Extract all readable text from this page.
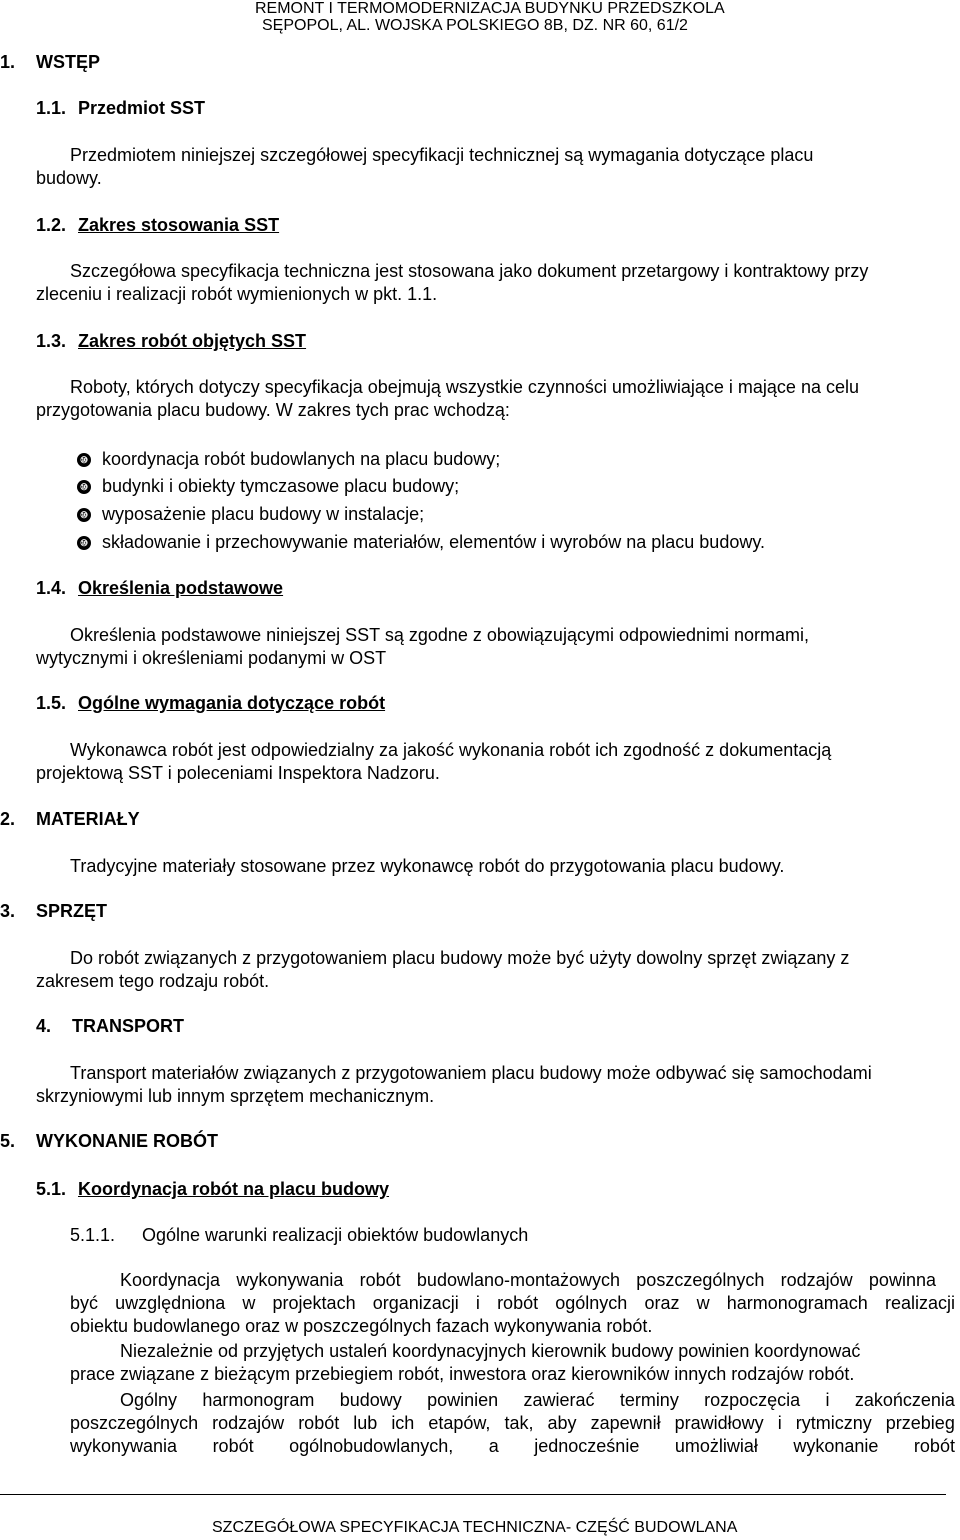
REMONT I TERMOMODERNIZACJA BUDYNKU PRZEDSZKOLA
SĘPOPOL, AL. WOJSKA POLSKIEGO 8B, DZ. NR 60, 61/2
1. WSTĘP
1.1. Przedmiot SST
Przedmiotem niniejszej szczegółowej specyfikacji technicznej są wymagania dotyczące placu
budowy.
1.2. Zakres stosowania SST
Szczegółowa specyfikacja techniczna jest stosowana jako dokument przetargowy i kontraktowy przy
zleceniu i realizacji robót wymienionych w pkt. 1.1.
1.3. Zakres robót objętych SST
Roboty, których dotyczy specyfikacja obejmują wszystkie czynności umożliwiające i mające na celu
przygotowania placu budowy. W zakres tych prac wchodzą:
⑩ koordynacja robót budowlanych na placu budowy;
⑩ budynki i obiekty tymczasowe placu budowy;
⑩ wyposażenie placu budowy w instalacje;
⑩ składowanie i przechowywanie materiałów, elementów i wyrobów na placu budowy.
1.4. Określenia podstawowe
Określenia podstawowe niniejszej SST są zgodne z obowiązującymi odpowiednimi normami,
wytycznymi i określeniami podanymi w OST
1.5. Ogólne wymagania dotyczące robót
Wykonawca robót jest odpowiedzialny za jakość wykonania robót ich zgodność z dokumentacją
projektową SST i poleceniami Inspektora Nadzoru.
2. MATERIAŁY
Tradycyjne materiały stosowane przez wykonawcę robót do przygotowania placu budowy.
3. SPRZĘT
Do robót związanych z przygotowaniem placu budowy może być użyty dowolny sprzęt związany z
zakresem tego rodzaju robót.
4. TRANSPORT
Transport materiałów związanych z przygotowaniem placu budowy może odbywać się samochodami
skrzyniowymi lub innym sprzętem mechanicznym.
5. WYKONANIE ROBÓT
5.1. Koordynacja robót na placu budowy
5.1.1. Ogólne warunki realizacji obiektów budowlanych
Koordynacja wykonywania robót budowlano-montażowych poszczególnych rodzajów powinna
być uwzględniona w projektach organizacji i robót ogólnych oraz w harmonogramach realizacji
obiektu budowlanego oraz w poszczególnych fazach wykonywania robót.
Niezależnie od przyjętych ustaleń koordynacyjnych kierownik budowy powinien koordynować
prace związane z bieżącym przebiegiem robót, inwestora oraz kierowników innych rodzajów robót.
Ogólny harmonogram budowy powinien zawierać terminy rozpoczęcia i zakończenia
poszczególnych rodzajów robót lub ich etapów, tak, aby zapewnił prawidłowy i rytmiczny przebieg
wykonywania robót ogólnobudowlanych, a jednocześnie umożliwiał wykonanie robót
SZCZEGÓŁOWA SPECYFIKACJA TECHNICZNA- CZĘŚĆ BUDOWLANA
